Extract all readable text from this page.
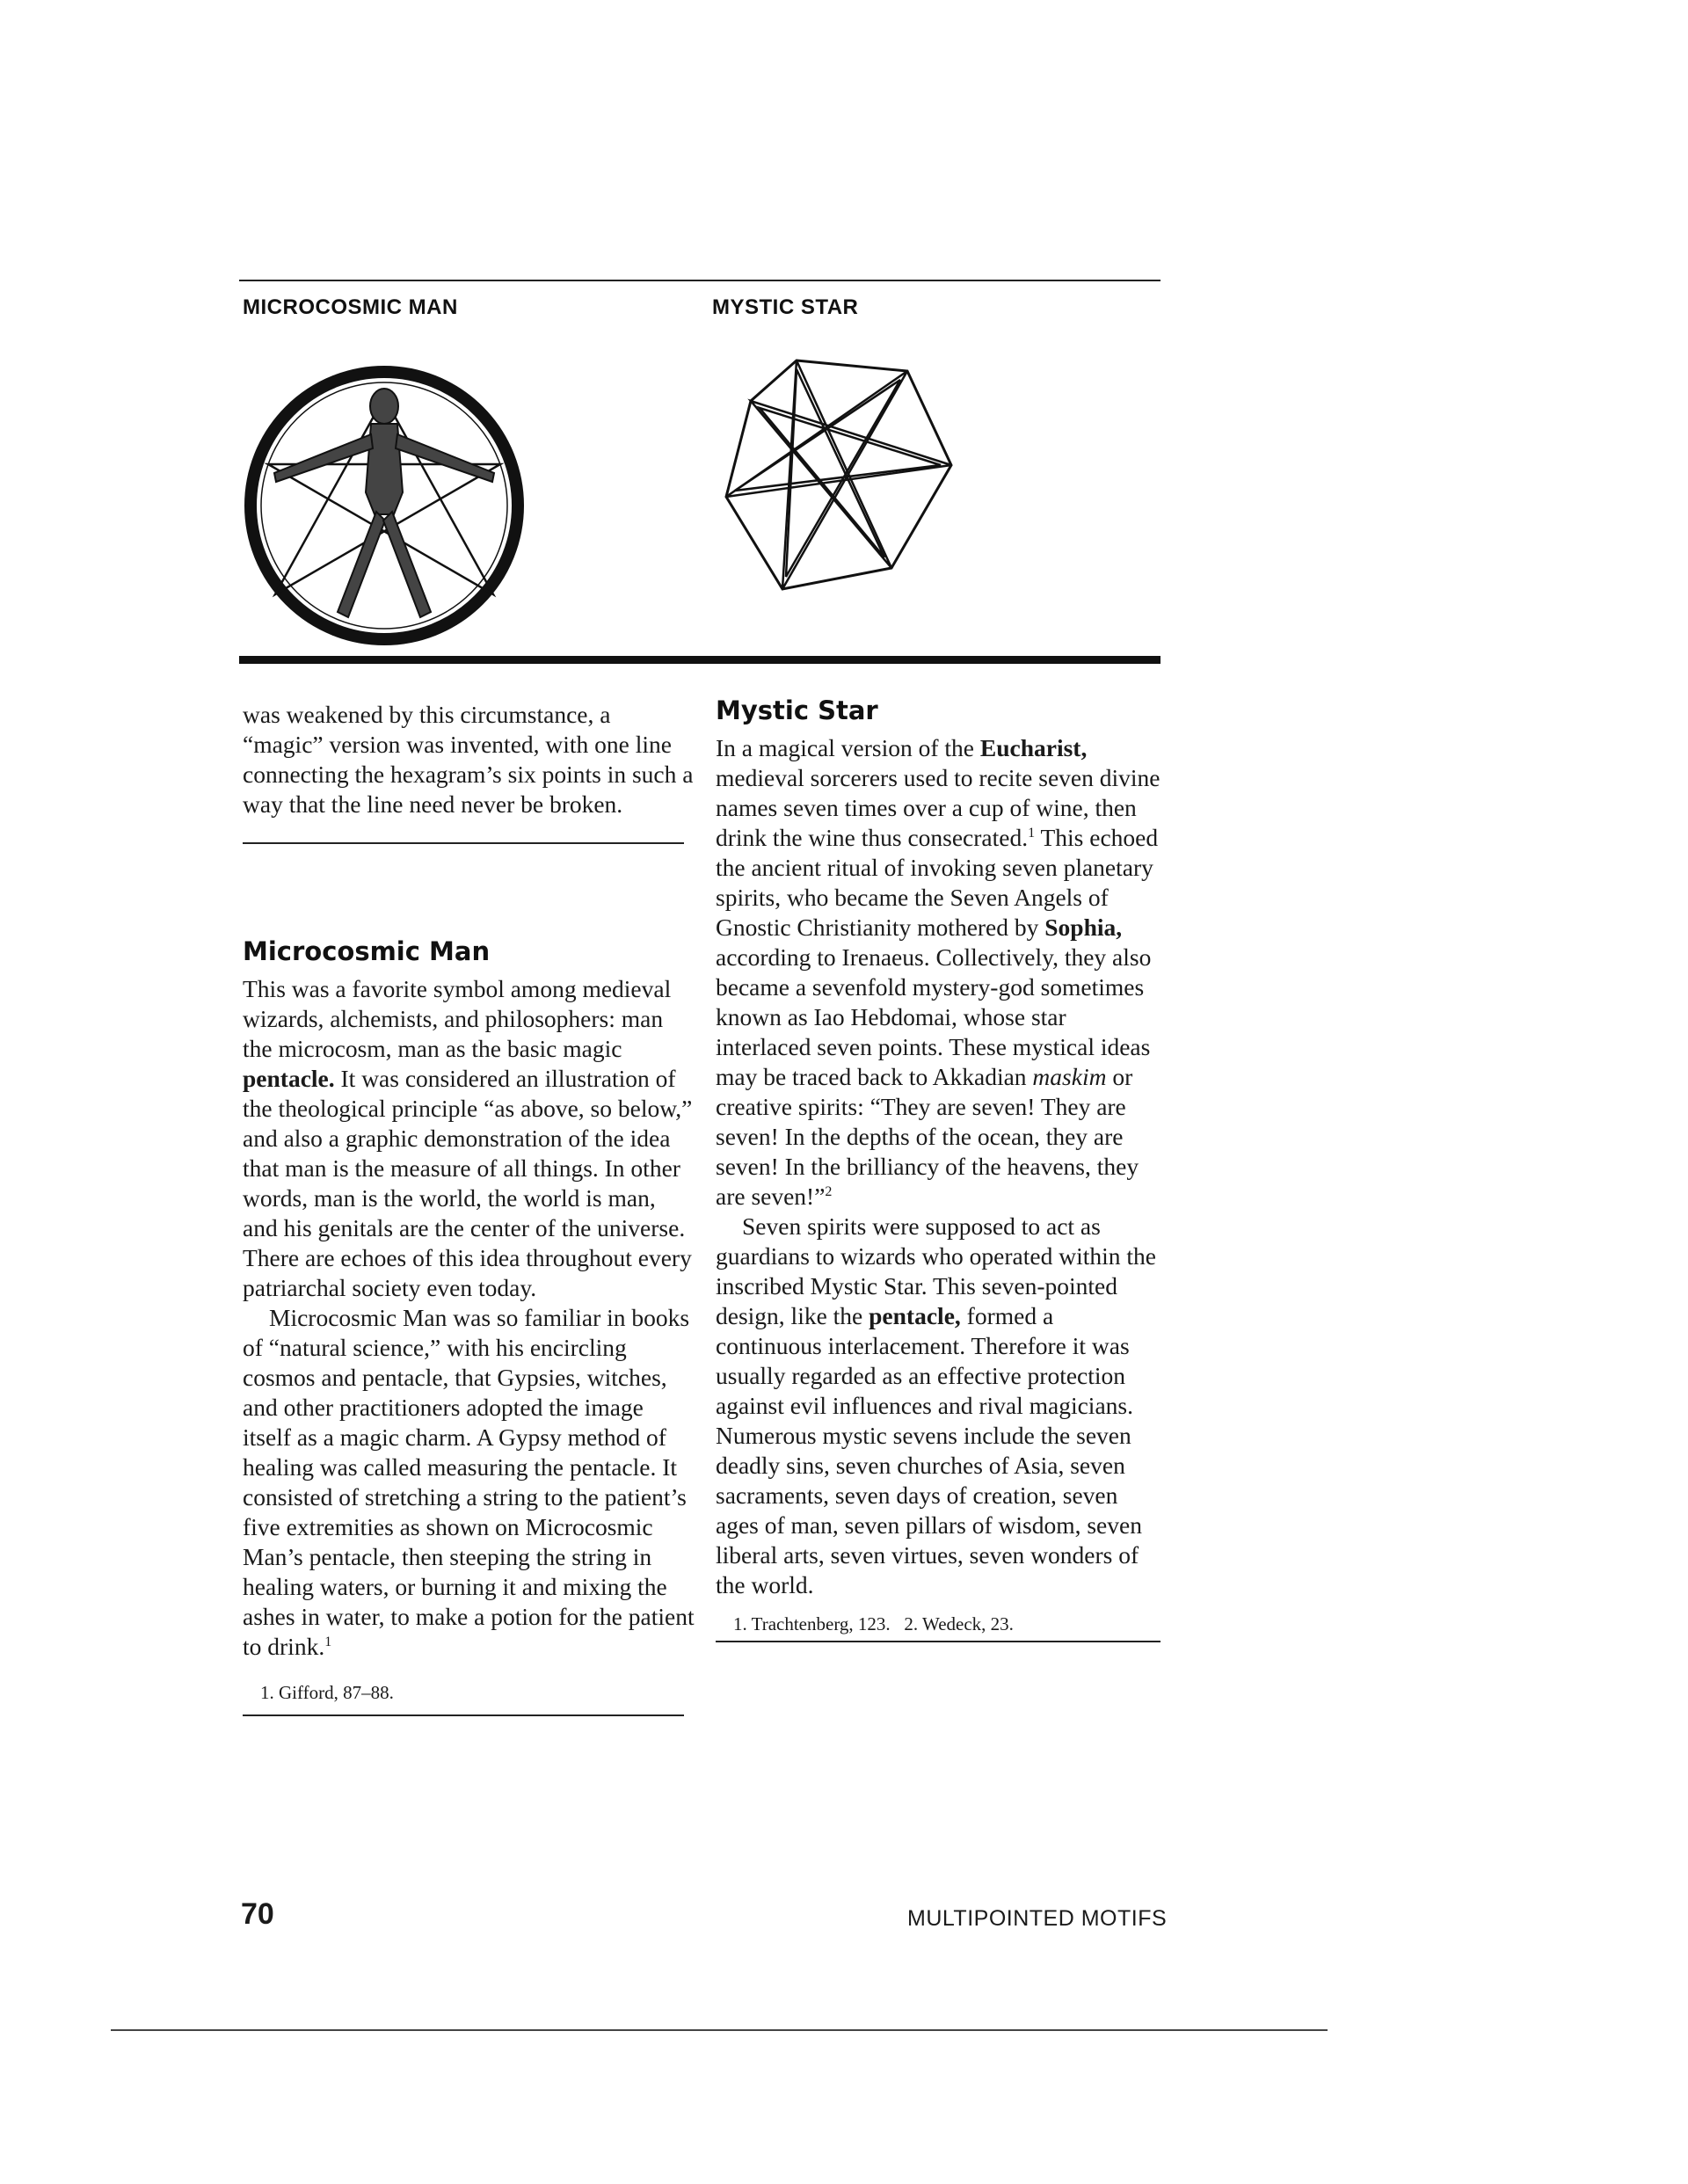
MICROCOSMIC MAN	MYSTIC STAR

was weakened by this circumstance, a “magic” version was invented, with one line connecting the hexagram’s six points in such a way that the line need never be broken.

Microcosmic Man

This was a favorite symbol among medieval wizards, alchemists, and philosophers: man the microcosm, man as the basic magic pentacle. It was considered an illustration of the theological principle “as above, so below,” and also a graphic demonstration of the idea that man is the measure of all things. In other words, man is the world, the world is man, and his genitals are the center of the universe. There are echoes of this idea throughout every patriarchal society even today.

Microcosmic Man was so familiar in books of “natural science,” with his encircling cosmos and pentacle, that Gypsies, witches, and other practitioners adopted the image itself as a magic charm. A Gypsy method of healing was called measuring the pentacle. It consisted of stretching a string to the patient’s five extremities as shown on Microcosmic Man’s pentacle, then steeping the string in healing waters, or burning it and mixing the ashes in water, to make a potion for the patient to drink.$^1$

1. Gifford, 87–88.
Mystic Star

In a magical version of the Eucharist, medieval sorcerers used to recite seven divine names seven times over a cup of wine, then drink the wine thus consecrated.$^1$ This echoed the ancient ritual of invoking seven planetary spirits, who became the Seven Angels of Gnostic Christianity mothered by Sophia, according to Irenaeus. Collectively, they also became a sevenfold mystery-god sometimes known as Iao Hebdomai, whose star interlaced seven points. These mystical ideas may be traced back to Akkadian maskim or creative spirits: “They are seven! They are seven! In the depths of the ocean, they are seven! In the brilliancy of the heavens, they are seven!”$^2$

Seven spirits were supposed to act as guardians to wizards who operated within the inscribed Mystic Star. This seven-pointed design, like the pentacle, formed a continuous interlacement. Therefore it was usually regarded as an effective protection against evil influences and rival magicians. Numerous mystic sevens include the seven deadly sins, seven churches of Asia, seven sacraments, seven days of creation, seven ages of man, seven pillars of wisdom, seven liberal arts, seven virtues, seven wonders of the world.

1. Trachtenberg, 123.   2. Wedeck, 23.
70	MULTIPOINTED MOTIFS
